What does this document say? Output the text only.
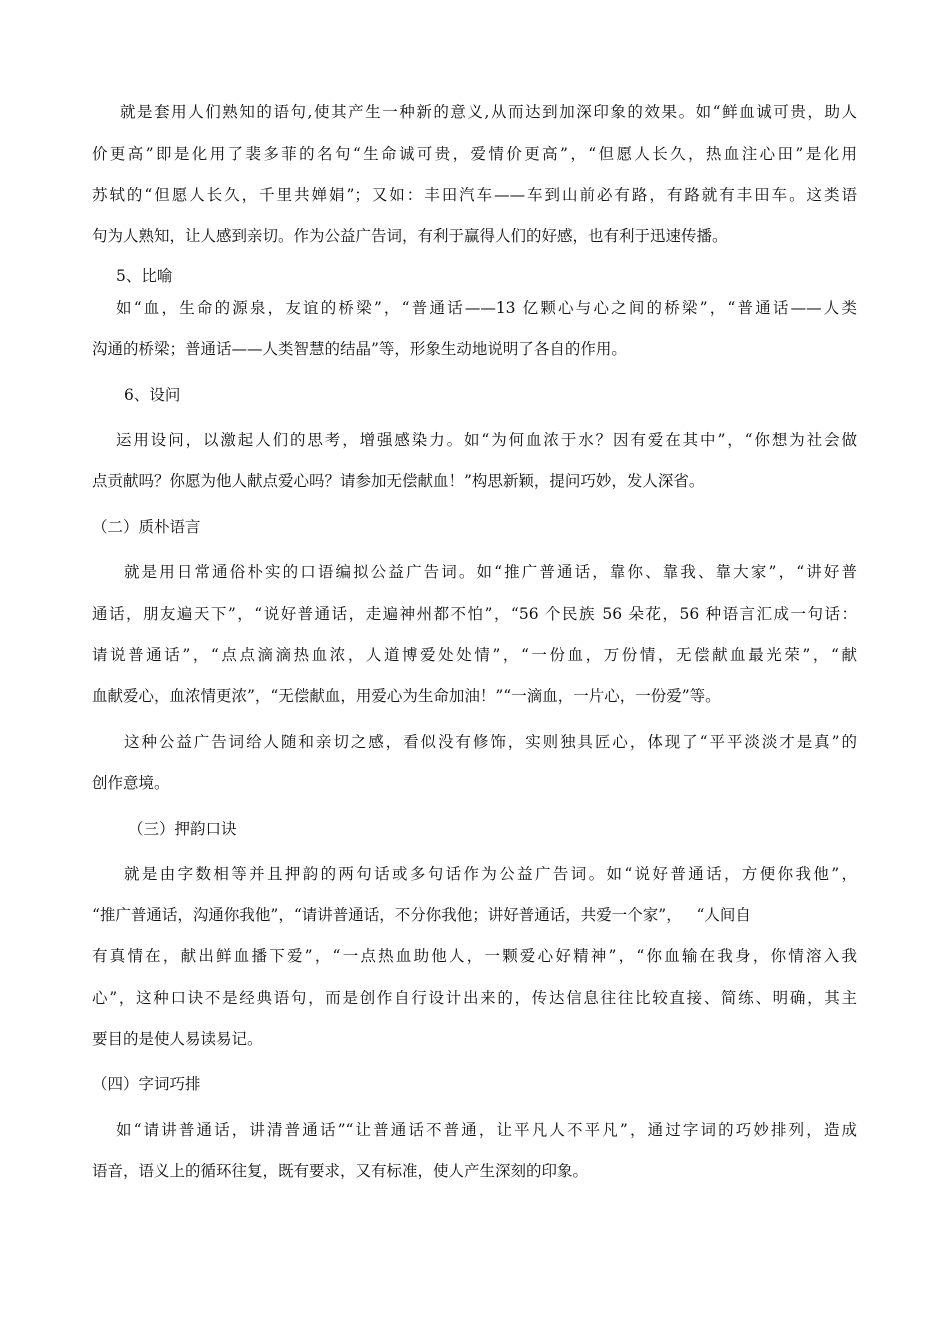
就是套用人们熟知的语句,使其产生一种新的意义,从而达到加深印象的效果。如“鲜血诚可贵，助人
价更高”即是化用了裴多菲的名句“生命诚可贵，爱情价更高”，“但愿人长久，热血注心田”是化用
苏轼的“但愿人长久，千里共婵娟”；又如：丰田汽车——车到山前必有路，有路就有丰田车。这类语
句为人熟知，让人感到亲切。作为公益广告词，有利于赢得人们的好感，也有利于迅速传播。
5、比喻
如“血，生命的源泉，友谊的桥梁”，“普通话——13 亿颗心与心之间的桥梁”，“普通话——人类
沟通的桥梁；普通话——人类智慧的结晶”等，形象生动地说明了各自的作用。
6、设问
运用设问，以激起人们的思考，增强感染力。如“为何血浓于水？因有爱在其中”，“你想为社会做
点贡献吗？你愿为他人献点爱心吗？请参加无偿献血！”构思新颖，提问巧妙，发人深省。
（二）质朴语言
就是用日常通俗朴实的口语编拟公益广告词。如“推广普通话，靠你、靠我、靠大家”，“讲好普
通话，朋友遍天下”，“说好普通话，走遍神州都不怕”，“56 个民族 56 朵花，56 种语言汇成一句话：
请说普通话”，“点点滴滴热血浓，人道博爱处处情”，“一份血，万份情，无偿献血最光荣”，“献
血献爱心，血浓情更浓”，“无偿献血，用爱心为生命加油！”“一滴血，一片心，一份爱”等。
这种公益广告词给人随和亲切之感，看似没有修饰，实则独具匠心，体现了“平平淡淡才是真”的
创作意境。
（三）押韵口诀
就是由字数相等并且押韵的两句话或多句话作为公益广告词。如“说好普通话，方便你我他”，
“推广普通话，沟通你我他”，“请讲普通话，不分你我他；讲好普通话，共爱一个家”，   “人间自
有真情在，献出鲜血播下爱”，“一点热血助他人，一颗爱心好精神”，“你血输在我身，你情溶入我
心”，这种口诀不是经典语句，而是创作自行设计出来的，传达信息往往比较直接、简练、明确，其主
要目的是使人易读易记。
（四）字词巧排
如“请讲普通话，讲清普通话”“让普通话不普通，让平凡人不平凡”，通过字词的巧妙排列，造成
语音，语义上的循环往复，既有要求，又有标准，使人产生深刻的印象。
